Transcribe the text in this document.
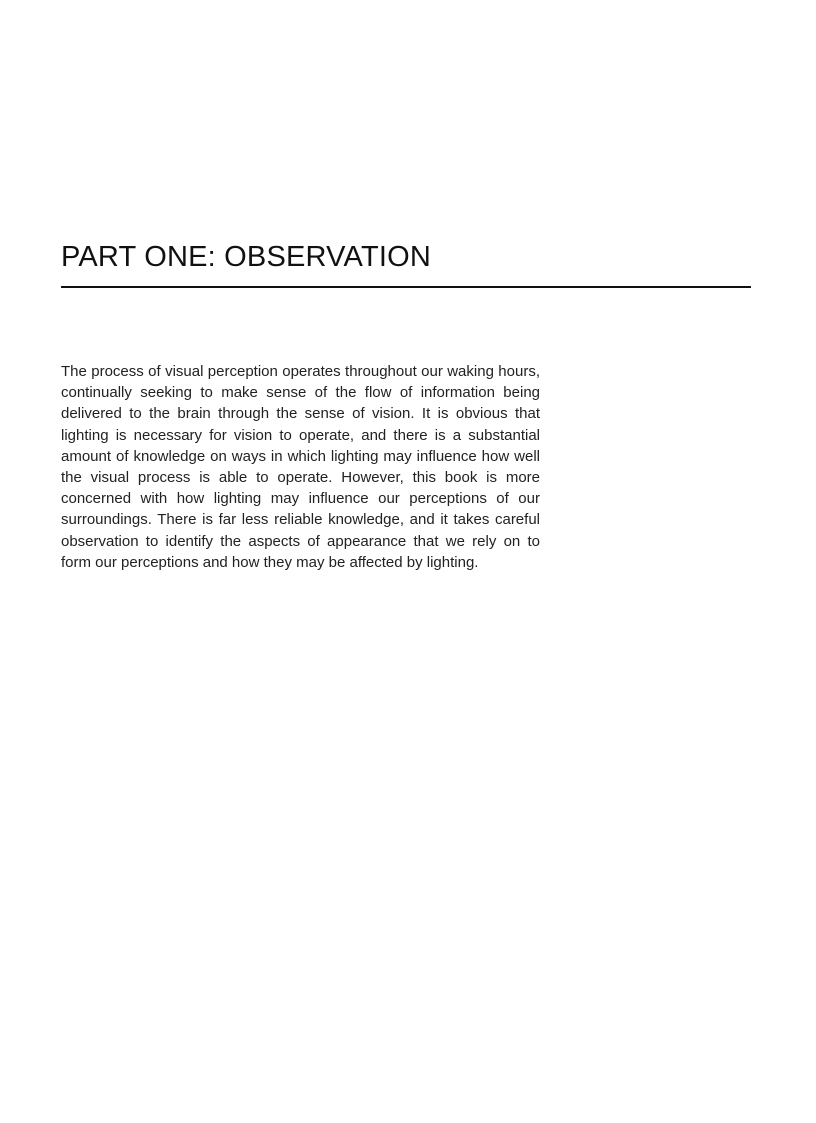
PART ONE: OBSERVATION

The process of visual perception operates throughout our waking hours, continually seeking to make sense of the flow of information being delivered to the brain through the sense of vision. It is obvious that lighting is necessary for vision to operate, and there is a substantial amount of knowledge on ways in which lighting may influence how well the visual process is able to operate. However, this book is more concerned with how lighting may influence our perceptions of our surroundings. There is far less reliable knowledge, and it takes careful observation to identify the aspects of appearance that we rely on to form our perceptions and how they may be affected by lighting.
